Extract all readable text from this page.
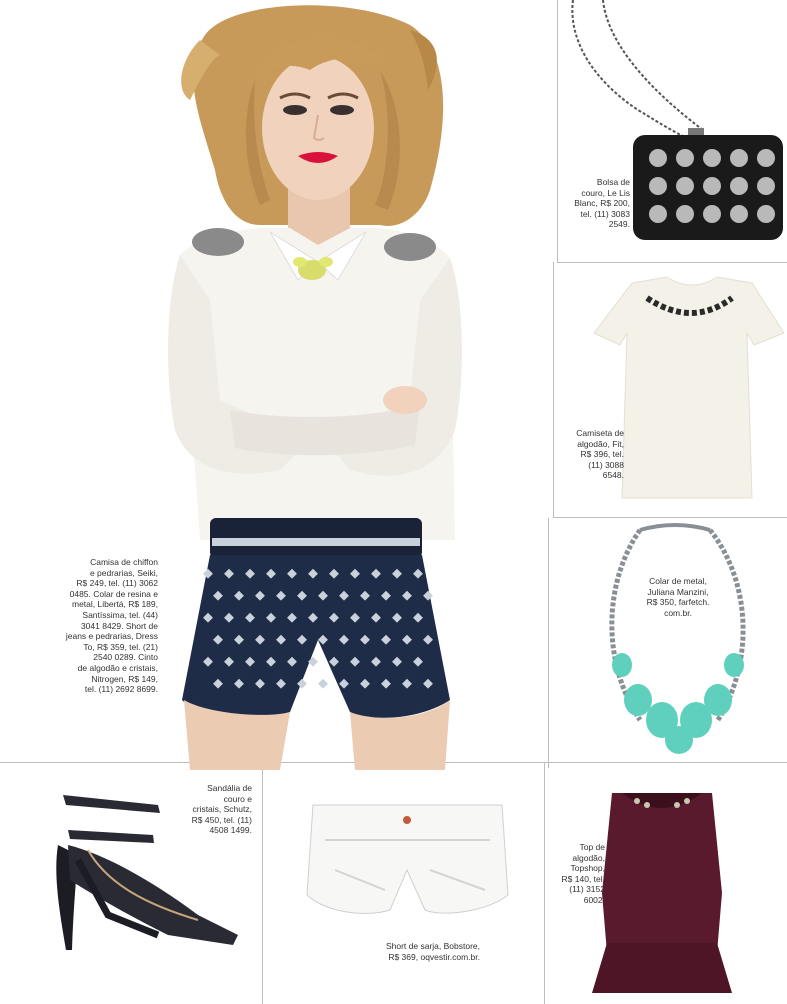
Bolsa de
couro, Le Lis
Blanc, R$ 200,
tel. (11) 3083
2549.
Camiseta de
algodão, Fit,
R$ 396, tel.
(11) 3088
6548.
Colar de metal,
Juliana Manzini,
R$ 350, farfetch.
com.br.
Camisa de chiffon
e pedrarias, Seiki,
R$ 249, tel. (11) 3062
0485. Colar de resina e
metal, Libertá, R$ 189,
Santíssima, tel. (44)
3041 8429. Short de
jeans e pedrarias, Dress
To, R$ 359, tel. (21)
2540 0289. Cinto
de algodão e cristais,
Nitrogen, R$ 149,
tel. (11) 2692 8699.
Sandália de
couro e
cristais, Schutz,
R$ 450, tel. (11)
4508 1499.
Short de sarja, Bobstore,
R$ 369, oqvestir.com.br.
Top de
algodão,
Topshop,
R$ 140, tel.
(11) 3152
6002.
